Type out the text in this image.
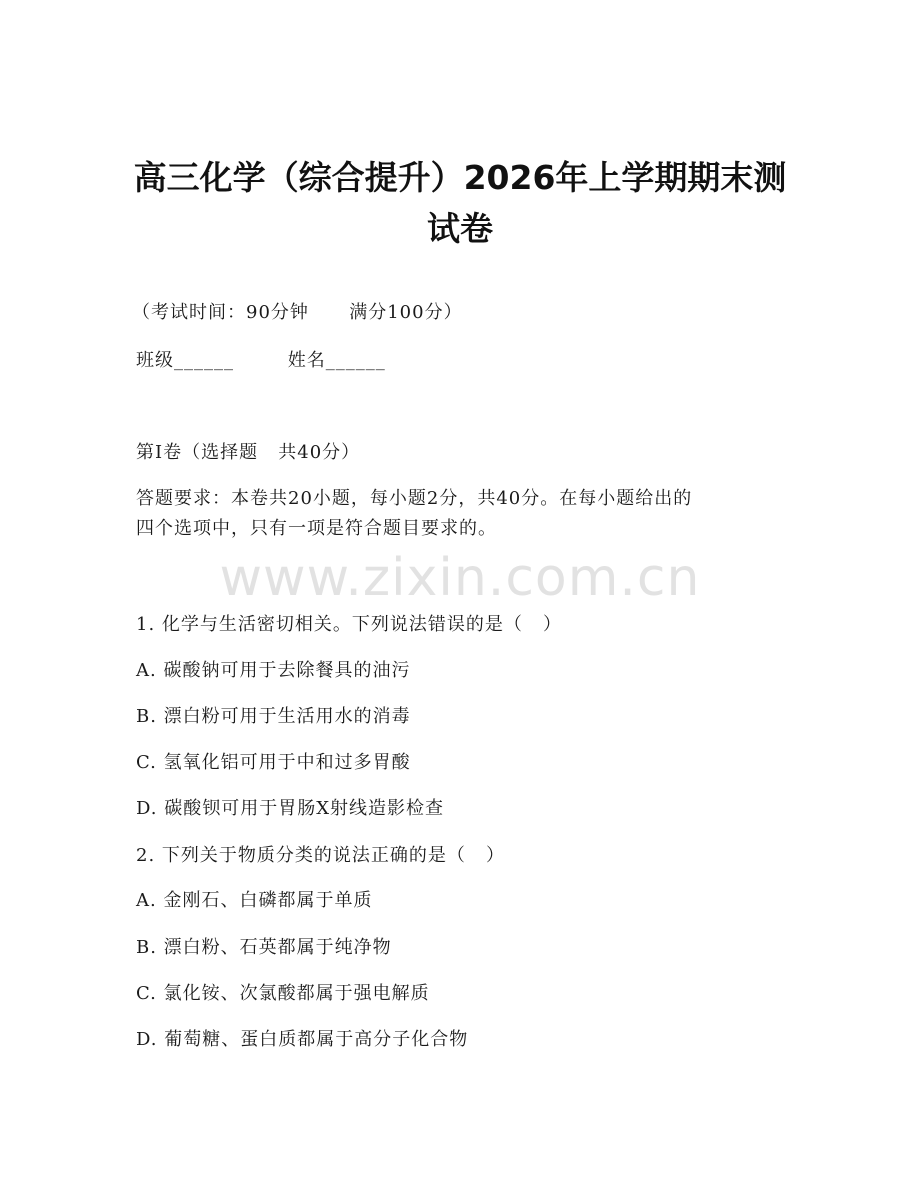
高三化学（综合提升）2026年上学期期末测
试卷
（考试时间：90分钟      满分100分）
班级______        姓名______
第I卷（选择题   共40分）
答题要求：本卷共20小题，每小题2分，共40分。在每小题给出的
四个选项中，只有一项是符合题目要求的。
www.zixin.com.cn
1. 化学与生活密切相关。下列说法错误的是（   ）
A. 碳酸钠可用于去除餐具的油污
B. 漂白粉可用于生活用水的消毒
C. 氢氧化铝可用于中和过多胃酸
D. 碳酸钡可用于胃肠X射线造影检查
2. 下列关于物质分类的说法正确的是（   ）
A. 金刚石、白磷都属于单质
B. 漂白粉、石英都属于纯净物
C. 氯化铵、次氯酸都属于强电解质
D. 葡萄糖、蛋白质都属于高分子化合物
